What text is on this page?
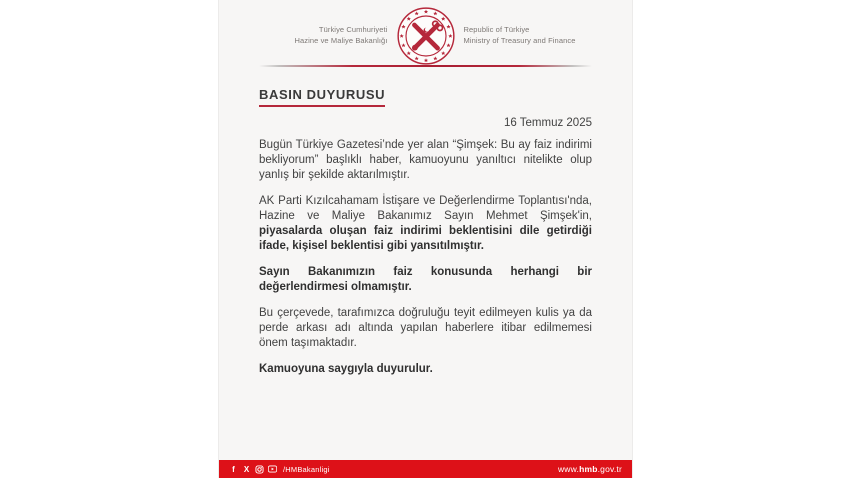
Türkiye Cumhuriyeti
Hazine ve Maliye Bakanlığı
Republic of Türkiye
Ministry of Treasury and Finance
BASIN DUYURUSU
16 Temmuz 2025

Bugün Türkiye Gazetesi’nde yer alan “Şimşek: Bu ay faiz indirimi bekliyorum” başlıklı haber, kamuoyunu yanıltıcı nitelikte olup yanlış bir şekilde aktarılmıştır.

AK Parti Kızılcahamam İstişare ve Değerlendirme Toplantısı'nda, Hazine ve Maliye Bakanımız Sayın Mehmet Şimşek'in, piyasalarda oluşan faiz indirimi beklentisini dile getirdiği ifade, kişisel beklentisi gibi yansıtılmıştır.

Sayın Bakanımızın faiz konusunda herhangi bir değerlendirmesi olmamıştır.

Bu çerçevede, tarafımızca doğruluğu teyit edilmeyen kulis ya da perde arkası adı altında yapılan haberlere itibar edilmemesi önem taşımaktadır.

Kamuoyuna saygıyla duyurulur.

f	X	/HMBakanligi	www.hmb.gov.tr
